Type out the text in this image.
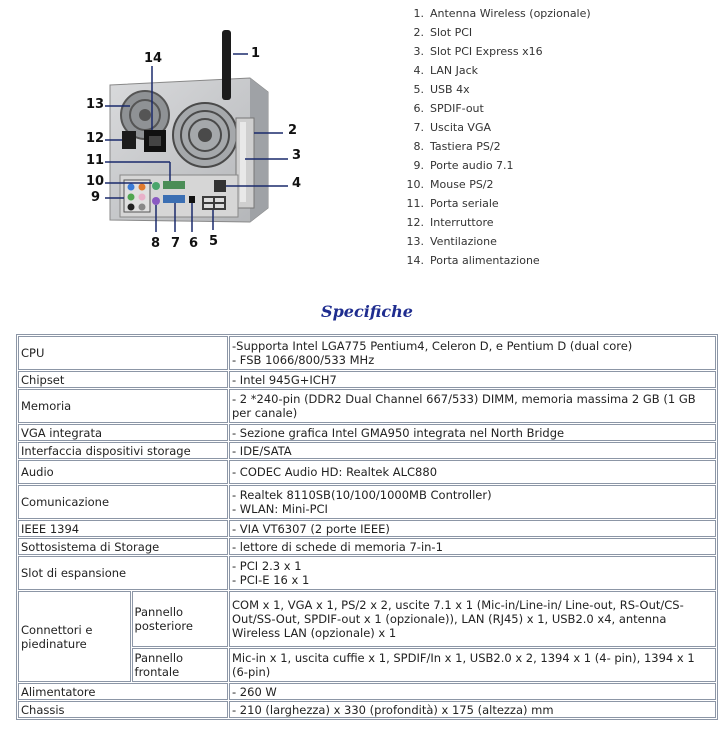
1
2
3
4
5
6
7
8
9
10
11
12
13
14
1. Antenna Wireless (opzionale)
2. Slot PCI
3. Slot PCI Express x16
4. LAN Jack
5. USB 4x
6. SPDIF-out
7. Uscita VGA
8. Tastiera PS/2
9. Porte audio 7.1
10. Mouse PS/2
11. Porta seriale
12. Interruttore
13. Ventilazione
14. Porta alimentazione
Specifiche
CPU		-Supporta Intel LGA775 Pentium4, Celeron D, e Pentium D (dual core)
- FSB 1066/800/533 MHz

Chipset		- Intel 945G+ICH7
Memoria		- 2 *240-pin (DDR2 Dual Channel 667/533) DIMM, memoria massima 2 GB (1 GB per canale)
VGA integrata		- Sezione grafica Intel GMA950 integrata nel North Bridge
Interfaccia dispositivi storage		- IDE/SATA
Audio		- CODEC Audio HD: Realtek ALC880
Comunicazione		- Realtek 8110SB(10/100/1000MB Controller)
- WLAN: Mini-PCI

IEEE 1394		- VIA VT6307 (2 porte IEEE)
Sottosistema di Storage		- lettore di schede di memoria 7-in-1
Slot di espansione		- PCI 2.3 x 1
- PCI-E 16 x 1

Connettori e piedinature	Pannello posteriore	COM x 1, VGA x 1, PS/2 x 2, uscite 7.1 x 1 (Mic-in/Line-in/ Line-out, RS-Out/CS-Out/SS-Out, SPDIF-out x 1 (opzionale)), LAN (RJ45) x 1, USB2.0 x4, antenna Wireless LAN (opzionale) x 1
	Pannello frontale	Mic-in x 1, uscita cuffie x 1, SPDIF/In x 1, USB2.0 x 2, 1394 x 1 (4- pin), 1394 x 1 (6-pin)
Alimentatore		- 260 W
Chassis		- 210 (larghezza) x 330 (profondità) x 175 (altezza) mm
